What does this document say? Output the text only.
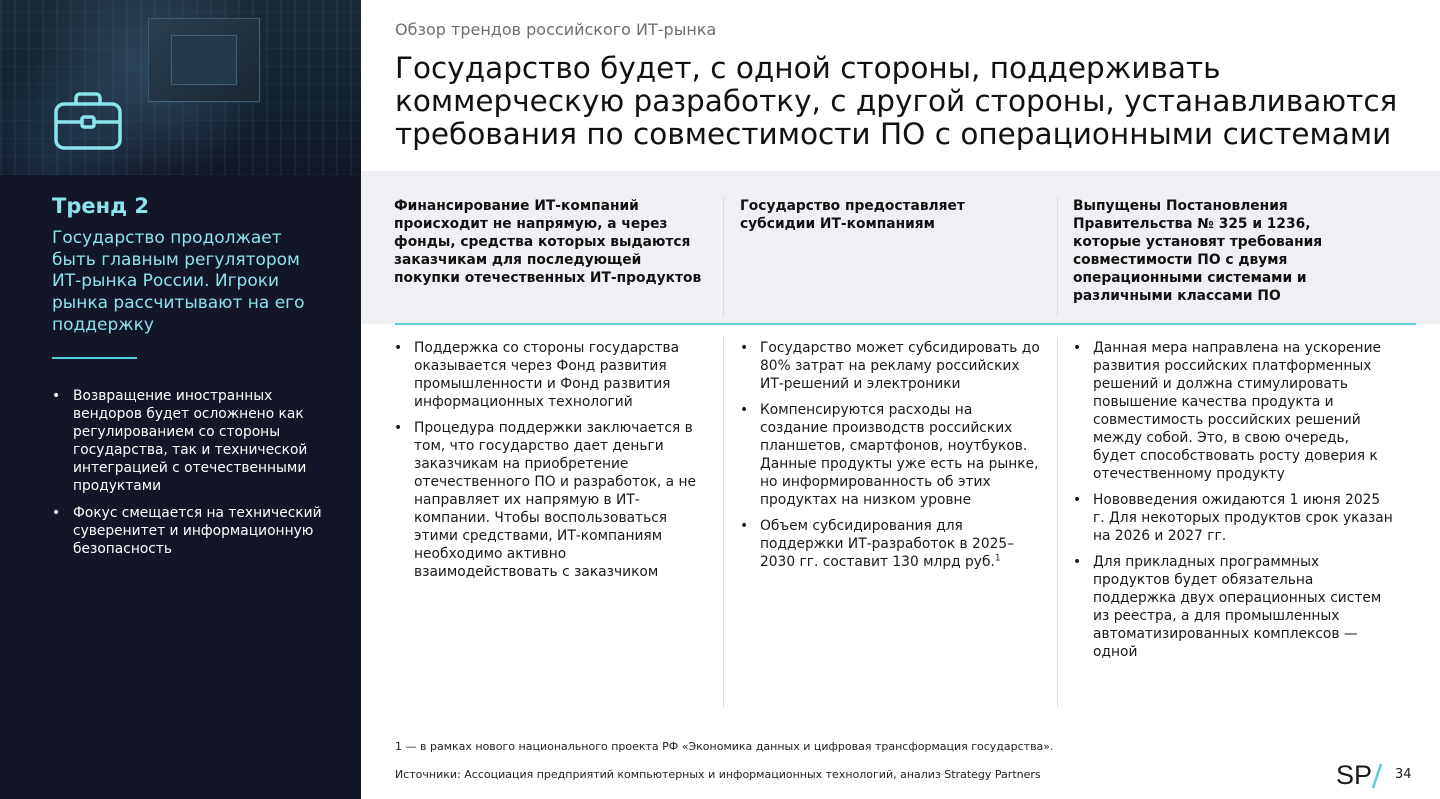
Тренд 2
Государство продолжает быть главным регулятором ИТ-рынка России. Игроки рынка рассчитывают на его поддержку
• Возвращение иностранных вендоров будет осложнено как регулированием со стороны государства, так и технической интеграцией с отечественными продуктами
• Фокус смещается на технический суверенитет и информационную безопасность
Обзор трендов российского ИТ-рынка
Государство будет, с одной стороны, поддерживать коммерческую разработку, с другой стороны, устанавливаются требования по совместимости ПО с операционными системами
Финансирование ИТ-компаний происходит не напрямую, а через фонды, средства которых выдаются заказчикам для последующей покупки отечественных ИТ-продуктов
Государство предоставляет субсидии ИТ-компаниям
Выпущены Постановления Правительства № 325 и 1236, которые установят требования совместимости ПО с двумя операционными системами и различными классами ПО
• Поддержка со стороны государства оказывается через Фонд развития промышленности и Фонд развития информационных технологий
• Процедура поддержки заключается в том, что государство дает деньги заказчикам на приобретение отечественного ПО и разработок, а не направляет их напрямую в ИТ-компании. Чтобы воспользоваться этими средствами, ИТ-компаниям необходимо активно взаимодействовать с заказчиком
• Государство может субсидировать до 80% затрат на рекламу российских ИТ-решений и электроники
• Компенсируются расходы на создание производств российских планшетов, смартфонов, ноутбуков. Данные продукты уже есть на рынке, но информированность об этих продуктах на низком уровне
• Объем субсидирования для поддержки ИТ-разработок в 2025–2030 гг. составит 130 млрд руб.$^1$
• Данная мера направлена на ускорение развития российских платформенных решений и должна стимулировать повышение качества продукта и совместимость российских решений между собой. Это, в свою очередь, будет способствовать росту доверия к отечественному продукту
• Нововведения ожидаются 1 июня 2025 г. Для некоторых продуктов срок указан на 2026 и 2027 гг.
• Для прикладных программных продуктов будет обязательна поддержка двух операционных систем из реестра, а для промышленных автоматизированных комплексов — одной
1 — в рамках нового национального проекта РФ «Экономика данных и цифровая трансформация государства».
Источники: Ассоциация предприятий компьютерных и информационных технологий, анализ Strategy Partners	SP 34
